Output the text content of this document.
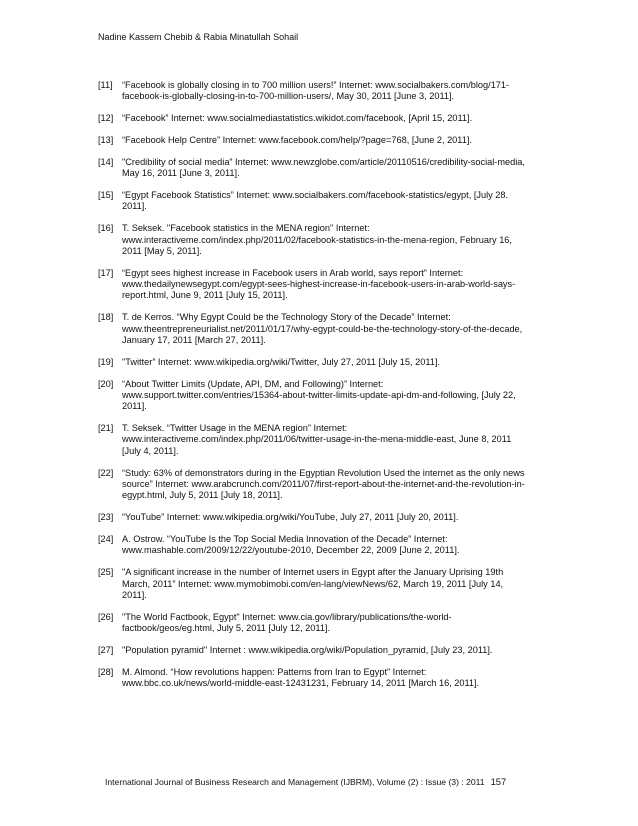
Nadine Kassem Chebib & Rabia Minatullah Sohail
[11]	“Facebook is globally closing in to 700 million users!” Internet: www.socialbakers.com/blog/171-facebook-is-globally-closing-in-to-700-million-users/, May 30, 2011 [June 3, 2011].
[12] “Facebook” Internet: www.socialmediastatistics.wikidot.com/facebook, [April 15, 2011].
[13] “Facebook Help Centre” Internet: www.facebook.com/help/?page=768, [June 2, 2011].
[14] "Credibility of social media” Internet: www.newzglobe.com/article/20110516/credibility-social-media, May 16, 2011 [June 3, 2011].
[15] “Egypt Facebook Statistics” Internet: www.socialbakers.com/facebook-statistics/egypt, [July 28. 2011].
[16] T. Seksek. "Facebook statistics in the MENA region" Internet: www.interactiveme.com/index.php/2011/02/facebook-statistics-in-the-mena-region, February 16, 2011 [May 5, 2011].
[17] “Egypt sees highest increase in Facebook users in Arab world, says report” Internet: www.thedailynewsegypt.com/egypt-sees-highest-increase-in-facebook-users-in-arab-world-says-report.html, June 9, 2011 [July 15, 2011].
[18] T. de Kerros. “Why Egypt Could be the Technology Story of the Decade” Internet: www.theentrepreneurialist.net/2011/01/17/why-egypt-could-be-the-technology-story-of-the-decade, January 17, 2011 [March 27, 2011].
[19] "Twitter” Internet: www.wikipedia.org/wiki/Twitter, July 27, 2011 [July 15, 2011].
[20] “About Twitter Limits (Update, API, DM, and Following)” Internet: www.support.twitter.com/entries/15364-about-twitter-limits-update-api-dm-and-following, [July 22, 2011].
[21] T. Seksek. “Twitter Usage in the MENA region” Internet: www.interactiveme.com/index.php/2011/06/twitter-usage-in-the-mena-middle-east, June 8, 2011 [July 4, 2011].
[22] “Study: 63% of demonstrators during in the Egyptian Revolution Used the internet as the only news source” Internet: www.arabcrunch.com/2011/07/first-report-about-the-internet-and-the-revolution-in-egypt.html, July 5, 2011 [July 18, 2011].
[23] “YouTube” Internet: www.wikipedia.org/wiki/YouTube, July 27, 2011 [July 20, 2011].
[24] A. Ostrow. “YouTube Is the Top Social Media Innovation of the Decade” Internet: www.mashable.com/2009/12/22/youtube-2010, December 22, 2009 [June 2, 2011].
[25] "A significant increase in the number of Internet users in Egypt after the January Uprising 19th March, 2011” Internet: www.mymobimobi.com/en-lang/viewNews/62, March 19, 2011 [July 14, 2011].
[26] "The World Factbook, Egypt" Internet: www.cia.gov/library/publications/the-world-factbook/geos/eg.html, July 5, 2011 [July 12, 2011].
[27] "Population pyramid" Internet : www.wikipedia.org/wiki/Population_pyramid, [July 23, 2011].
[28] M. Almond. “How revolutions happen: Patterns from Iran to Egypt” Internet: www.bbc.co.uk/news/world-middle-east-12431231, February 14, 2011 [March 16, 2011].
International Journal of Business Research and Management (IJBRM), Volume (2) : Issue (3) : 2011 157
